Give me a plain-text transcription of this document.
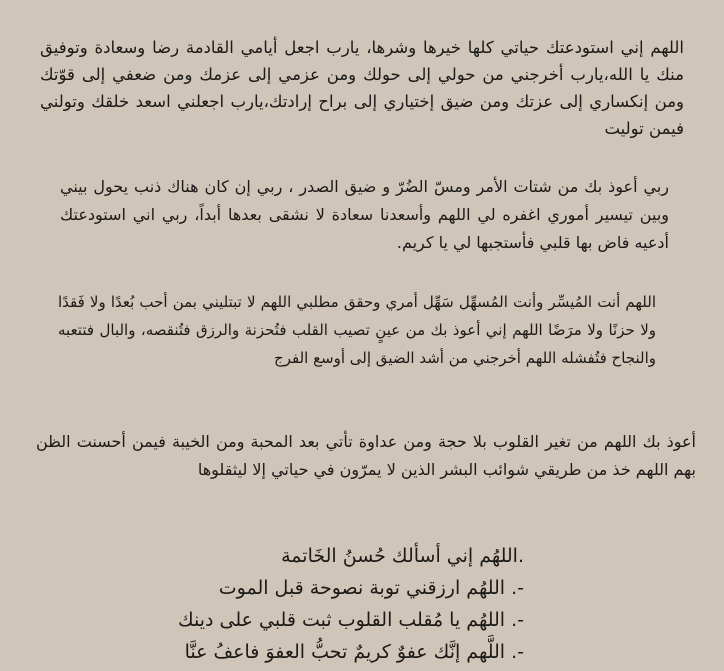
اللهم إني استودعتك حياتي كلها خيرها وشرها، يارب اجعل أيامي القادمة رضا وسعادة وتوفيق منك يا الله،يارب أخرجني من حولي إلى حولك ومن عزمي إلى عزمك ومن ضعفي إلى قوّتك ومن إنكساري إلى عزتك ومن ضيق إختياري إلى براح إرادتك،يارب اجعلني اسعد خلقك وتولني فيمن توليت

ربي أعوذ بك من شتات الأمر ومسّ الضُرّ و ضيق الصدر ، ربي إن كان هناك ذنب يحول بيني وبين تيسير أموري اغفره لي اللهم وأسعدنا سعادة لا نشقى بعدها أبداً، ربي اني استودعتك أدعيه فاض بها قلبي فأستجبها لي يا كريم.

اللهم أنت المُيسِّر وأنت المُسهِّل سَهِّل أمري وحقق مطلبي اللهم لا تبتليني بمن أحب بُعدًا ولا فَقدًا ولا حزنًا ولا مرَضًا اللهم إني أعوذ بك من عينٍ تصيب القلب فتُحزنة والرزق فتُنقصه، والبال فتتعبه والنجاح فتُفشله اللهم أخرجني من أشد الضيق إلى أوسع الفرج

أعوذ بك اللهم من تغير القلوب بلا حجة ومن عداوة تأتي بعد المحبة ومن الخيبة فيمن أحسنت الظن بهم اللهم خذ من طريقي شوائب البشر الذين لا يمرّون في حياتي إلا ليثقلوها

.اللهُم إني أسألك حُسنُ الخَاتمة
-. اللهُم ارزقني توبة نصوحة قبل الموت
-. اللهُم يا مُقلب القلوب ثبت قلبي على دينك
-. اللَّهم إنَّك عفوٌ كريمٌ تحبُّ العفوَ فاعفُ عنَّا
